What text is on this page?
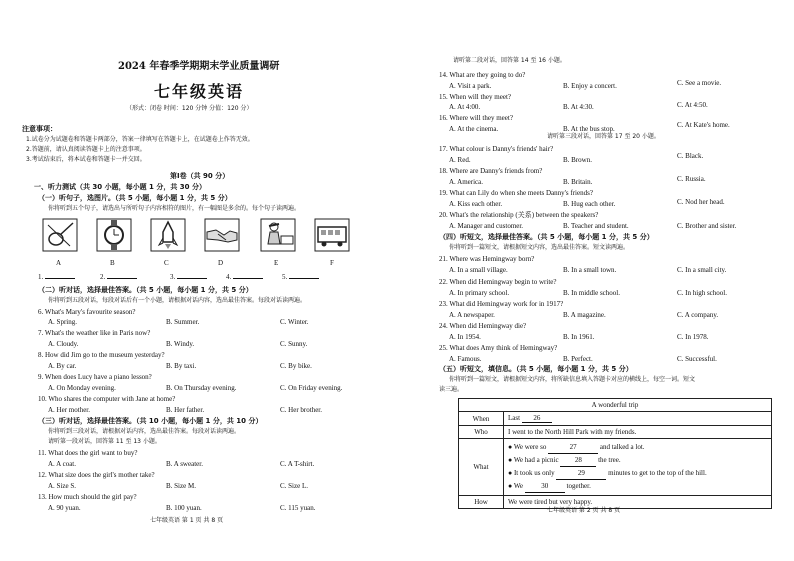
2024 年春季学期期末学业质量调研
七年级英语
（形式：闭卷 时间：120 分钟 分值：120 分）
注意事项：
1.试卷分为试题卷和答题卡两部分，答案一律填写在答题卡上，在试题卷上作答无效。
2.答题前，请认真阅读答题卡上的注意事项。
3.考试结束后，将本试卷和答题卡一并交回。
第Ⅰ卷（共 90 分）
一、听力测试（共 30 小题，每小题 1 分，共 30 分）
（一）听句子，选图片。（共 5 小题，每小题 1 分，共 5 分）
你将听到五个句子，请选出与所听句子内容相符的图片，有一幅图是多余的。每个句子读两遍。
A	B	C	D	E	F
1.	2.	3.	4.	5.
（二）听对话，选择最佳答案。（共 5 小题，每小题 1 分，共 5 分）
你将听到五段对话，每段对话后有一个小题，请根据对话内容，选出最佳答案。每段对话读两遍。
6. What's Mary's favourite season?
A. Spring.	B. Summer.	C. Winter.
7. What's the weather like in Paris now?
A. Cloudy.	B. Windy.	C. Sunny.
8. How did Jim go to the museum yesterday?
A. By car.	B. By taxi.	C. By bike.
9. When does Lucy have a piano lesson?
A. On Monday evening.	B. On Thursday evening.	C. On Friday evening.
10. Who shares the computer with Jane at home?
A. Her mother.	B. Her father.	C. Her brother.
（三）听对话，选择最佳答案。（共 10 小题，每小题 1 分，共 10 分）
你将听到三段对话，请根据对话内容，选出最佳答案。每段对话读两遍。
请听第一段对话，回答第 11 至 13 小题。
11. What does the girl want to buy?
A. A coat.	B. A sweater.	C. A T-shirt.
12. What size does the girl's mother take?
A. Size S.	B. Size M.	C. Size L.
13. How much should the girl pay?
A. 90 yuan.	B. 100 yuan.	C. 115 yuan.
七年级英语 第 1 页 共 8 页
请听第二段对话，回答第 14 至 16 小题。
14. What are they going to do?
A. Visit a park.	B. Enjoy a concert.	C. See a movie.
15. When will they meet?
A. At 4:00.	B. At 4:30.	C. At 4:50.
16. Where will they meet?
A. At the cinema.	B. At the bus stop.	C. At Kate's home.
请听第三段对话，回答第 17 至 20 小题。
17. What colour is Danny's friends' hair?
A. Red.	B. Brown.	C. Black.
18. Where are Danny's friends from?
A. America.	B. Britain.	C. Russia.
19. What can Lily do when she meets Danny's friends?
A. Kiss each other.	B. Hug each other.	C. Nod her head.
20. What's the relationship (关系) between the speakers?
A. Manager and customer.	B. Teacher and student.	C. Brother and sister.
（四）听短文，选择最佳答案。（共 5 小题，每小题 1 分，共 5 分）
你将听到一篇短文，请根据短文内容，选出最佳答案。短文读两遍。
21. Where was Hemingway born?
A. In a small village.	B. In a small town.	C. In a small city.
22. When did Hemingway begin to write?
A. In primary school.	B. In middle school.	C. In high school.
23. What did Hemingway work for in 1917?
A. A newspaper.	B. A magazine.	C. A company.
24. When did Hemingway die?
A. In 1954.	B. In 1961.	C. In 1978.
25. What does Amy think of Hemingway?
A. Famous.	B. Perfect.	C. Successful.
（五）听短文，填信息。（共 5 小题，每小题 1 分，共 5 分）
你将听到一篇短文，请根据短文内容，将所缺信息填入答题卡对应的横线上，每空一词。短文
读三遍。
A wonderful trip	
When	Last 26
Who	I went to the North Hill Park with my friends.
What	● We were so 27 and talked a lot.
● We had a picnic 28 the tree.
● It took us only 29 minutes to get to the top of the hill.
● We 30 together.

How	We were tired but very happy.
七年级英语 第 2 页 共 8 页
